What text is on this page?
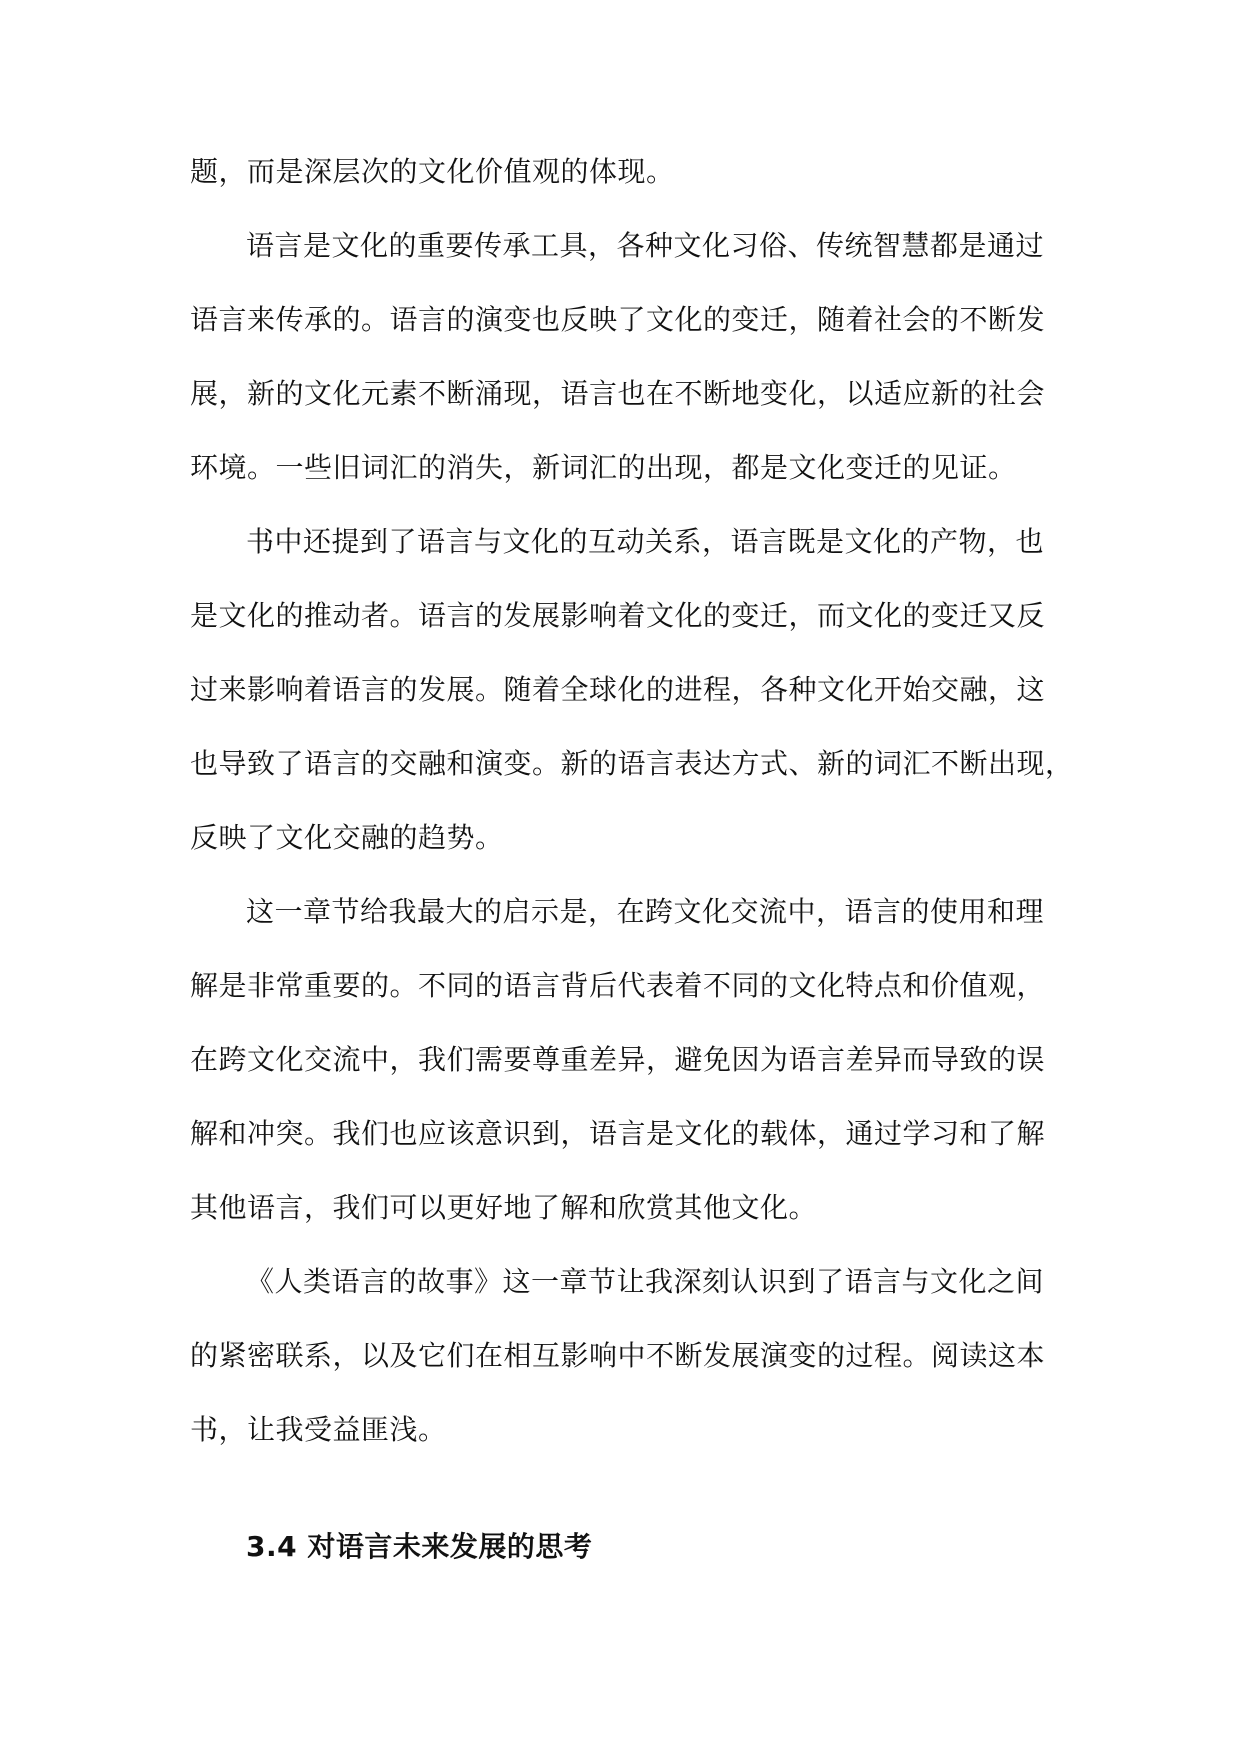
题，而是深层次的文化价值观的体现。
语言是文化的重要传承工具，各种文化习俗、传统智慧都是通过
语言来传承的。语言的演变也反映了文化的变迁，随着社会的不断发
展，新的文化元素不断涌现，语言也在不断地变化，以适应新的社会
环境。一些旧词汇的消失，新词汇的出现，都是文化变迁的见证。
书中还提到了语言与文化的互动关系，语言既是文化的产物，也
是文化的推动者。语言的发展影响着文化的变迁，而文化的变迁又反
过来影响着语言的发展。随着全球化的进程，各种文化开始交融，这
也导致了语言的交融和演变。新的语言表达方式、新的词汇不断出现，
反映了文化交融的趋势。
这一章节给我最大的启示是，在跨文化交流中，语言的使用和理
解是非常重要的。不同的语言背后代表着不同的文化特点和价值观，
在跨文化交流中，我们需要尊重差异，避免因为语言差异而导致的误
解和冲突。我们也应该意识到，语言是文化的载体，通过学习和了解
其他语言，我们可以更好地了解和欣赏其他文化。
《人类语言的故事》这一章节让我深刻认识到了语言与文化之间
的紧密联系，以及它们在相互影响中不断发展演变的过程。阅读这本
书，让我受益匪浅。
3.4 对语言未来发展的思考
